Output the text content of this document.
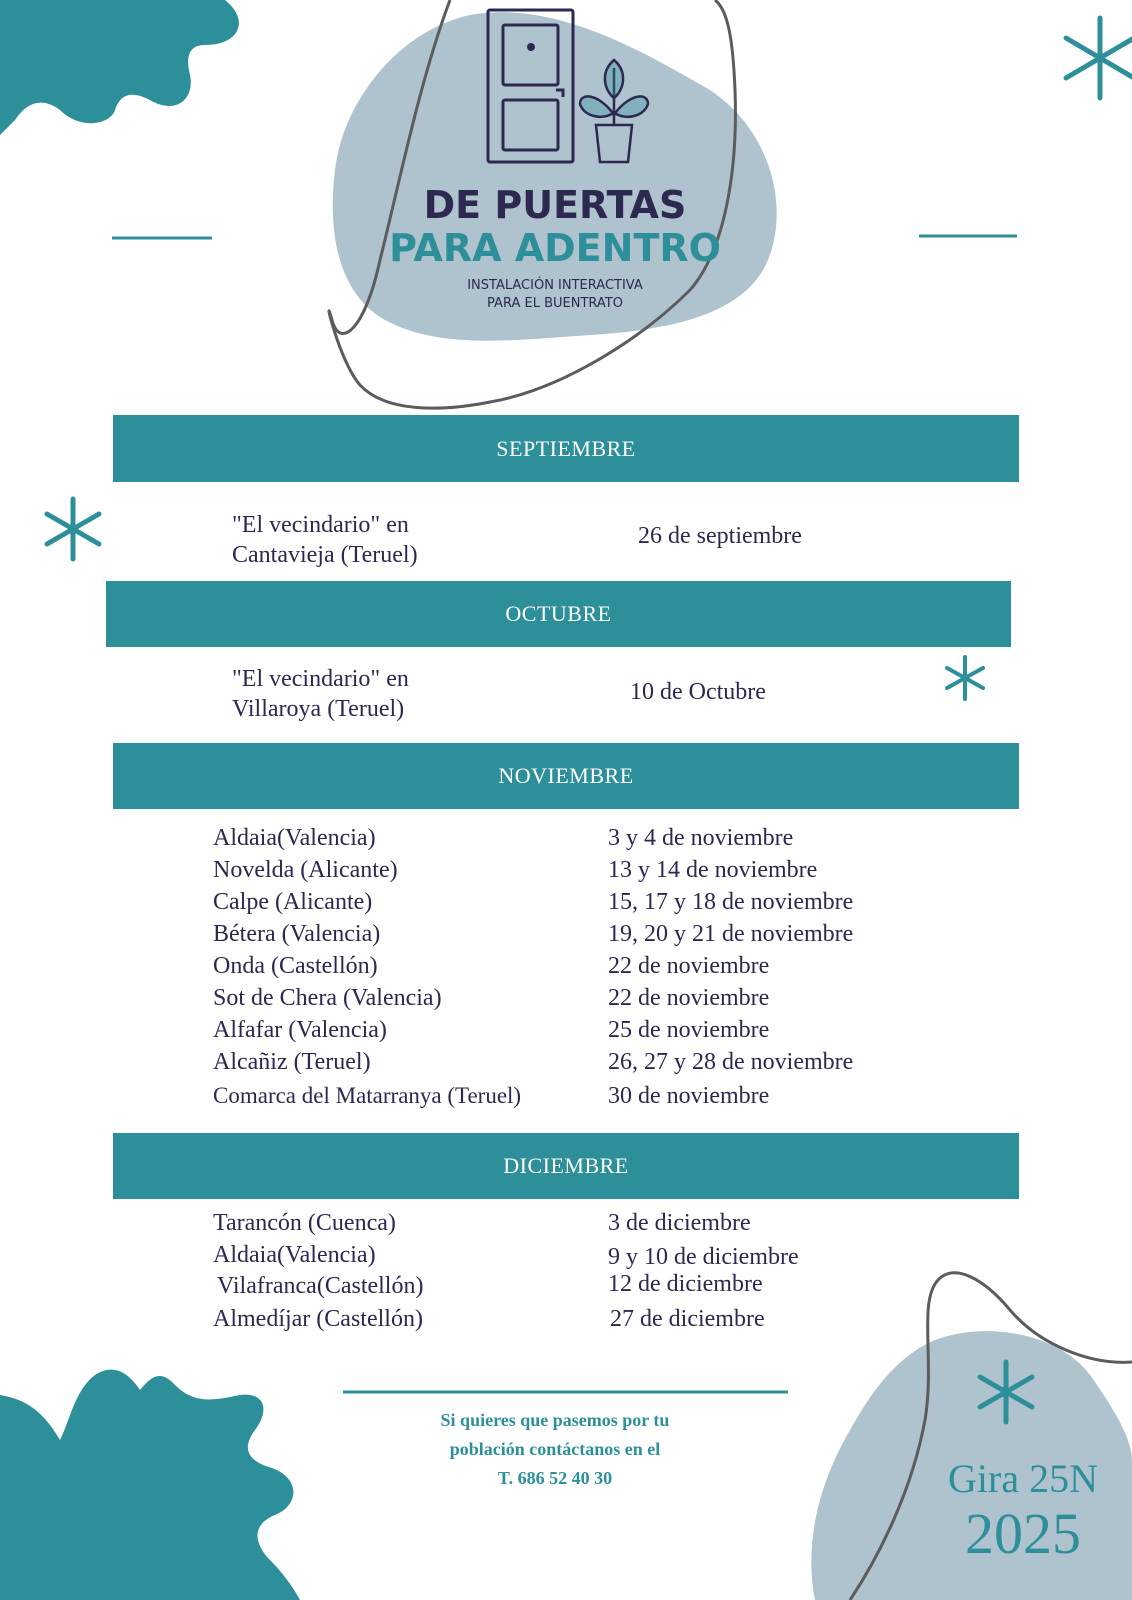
DE PUERTAS
PARA ADENTRO
INSTALACIÓN INTERACTIVA
PARA EL BUENTRATO
SEPTIEMBRE
"El vecindario" en
Cantavieja (Teruel)
26 de septiembre
OCTUBRE
"El vecindario" en
Villaroya (Teruel)
10 de Octubre
NOVIEMBRE
Aldaia(Valencia)	3 y 4 de noviembre
Novelda (Alicante)	13 y 14 de noviembre
Calpe (Alicante)	15, 17 y 18 de noviembre
Bétera (Valencia)	19, 20 y 21 de noviembre
Onda (Castellón)	22 de noviembre
Sot de Chera (Valencia)	22 de noviembre
Alfafar (Valencia)	25 de noviembre
Alcañiz (Teruel)	26, 27 y 28 de noviembre
Comarca del Matarranya (Teruel)	30 de noviembre
DICIEMBRE
Tarancón (Cuenca)	3 de diciembre
Aldaia(Valencia)	9 y 10 de diciembre
Vilafranca(Castellón)	12 de diciembre
Almedíjar (Castellón)	27 de diciembre
Si quieres que pasemos por tu
población contáctanos en el
T. 686 52 40 30	Gira 25N
2025
